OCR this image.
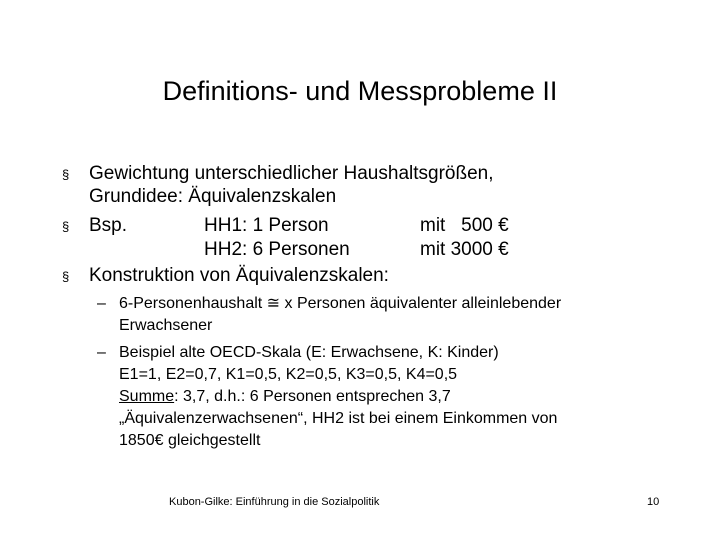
Definitions- und Messprobleme II
§ Gewichtung unterschiedlicher Haushaltsgrößen,
Grundidee: Äquivalenzskalen
§ Bsp.	HH1: 1 Person	mit   500 €
HH2: 6 Personen	mit 3000 €
§ Konstruktion von Äquivalenzskalen:
– 6-Personenhaushalt ≅ x Personen äquivalenter alleinlebender
Erwachsener
– Beispiel alte OECD-Skala (E: Erwachsene, K: Kinder)
E1=1, E2=0,7, K1=0,5, K2=0,5, K3=0,5, K4=0,5
Summe: 3,7, d.h.: 6 Personen entsprechen 3,7
„Äquivalenzerwachsenen“, HH2 ist bei einem Einkommen von
1850€ gleichgestellt
Kubon-Gilke: Einführung in die Sozialpolitik	10
